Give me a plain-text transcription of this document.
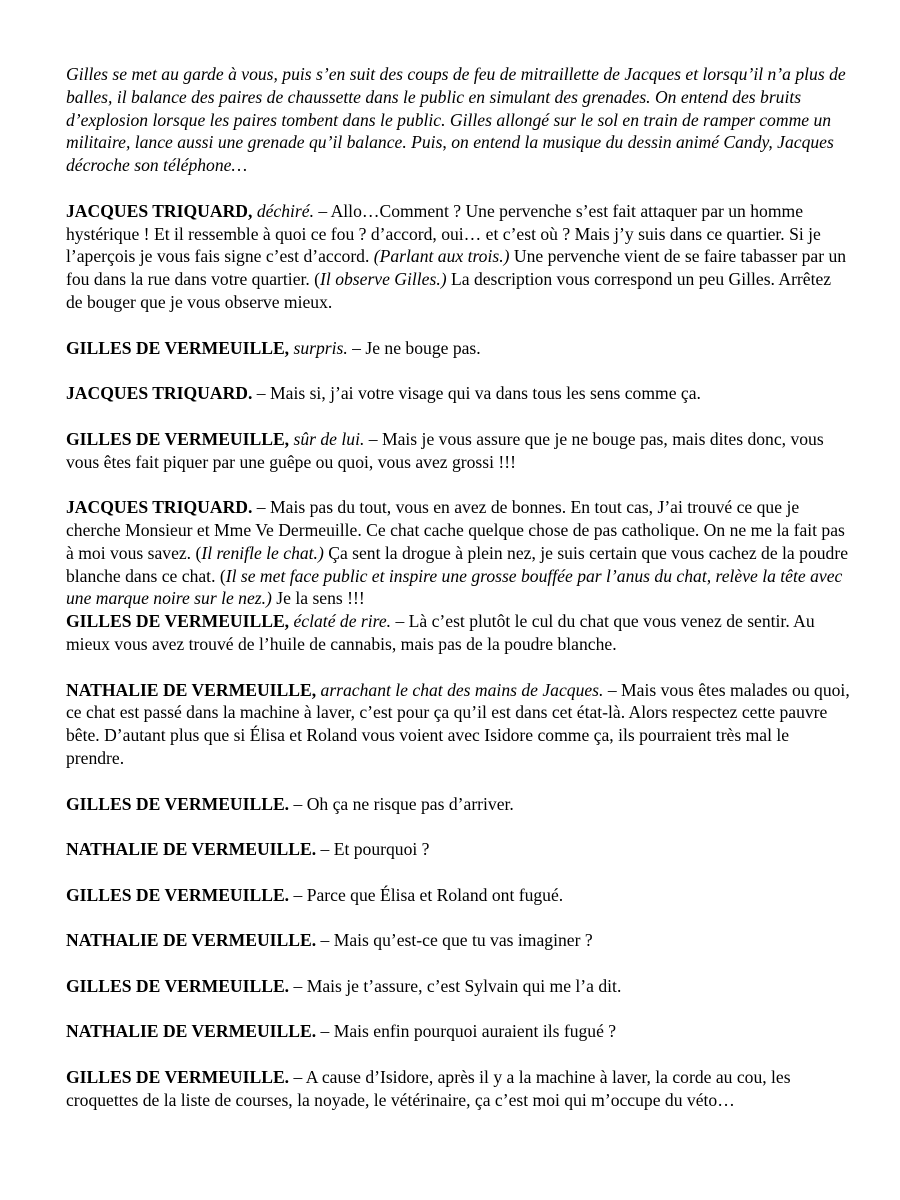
Gilles se met au garde à vous, puis s’en suit des coups de feu de mitraillette de Jacques et lorsqu’il n’a plus de balles, il balance des paires de chaussette dans le public en simulant des grenades. On entend des bruits d’explosion lorsque les paires tombent dans le public. Gilles allongé sur le sol en train de ramper comme un militaire, lance aussi une grenade qu’il balance. Puis, on entend la musique du dessin animé Candy, Jacques décroche son téléphone…

JACQUES TRIQUARD, déchiré. – Allo…Comment ? Une pervenche s’est fait attaquer par un homme hystérique ! Et il ressemble à quoi ce fou ? d’accord, oui… et c’est où ? Mais j’y suis dans ce quartier. Si je l’aperçois je vous fais signe c’est d’accord. (Parlant aux trois.) Une pervenche vient de se faire tabasser par un fou dans la rue dans votre quartier. (Il observe Gilles.) La description vous correspond un peu Gilles. Arrêtez de bouger que je vous observe mieux.

GILLES DE VERMEUILLE, surpris. – Je ne bouge pas.

JACQUES TRIQUARD. – Mais si, j’ai votre visage qui va dans tous les sens comme ça.

GILLES DE VERMEUILLE, sûr de lui. – Mais je vous assure que je ne bouge pas, mais dites donc, vous vous êtes fait piquer par une guêpe ou quoi, vous avez grossi !!!

JACQUES TRIQUARD. – Mais pas du tout, vous en avez de bonnes. En tout cas, J’ai trouvé ce que je cherche Monsieur et Mme Ve Dermeuille. Ce chat cache quelque chose de pas catholique. On ne me la fait pas à moi vous savez. (Il renifle le chat.) Ça sent la drogue à plein nez, je suis certain que vous cachez de la poudre blanche dans ce chat. (Il se met face public et inspire une grosse bouffée par l’anus du chat, relève la tête avec une marque noire sur le nez.) Je la sens !!!

GILLES DE VERMEUILLE, éclaté de rire. – Là c’est plutôt le cul du chat que vous venez de sentir. Au mieux vous avez trouvé de l’huile de cannabis, mais pas de la poudre blanche.

NATHALIE DE VERMEUILLE, arrachant le chat des mains de Jacques. – Mais vous êtes malades ou quoi, ce chat est passé dans la machine à laver, c’est pour ça qu’il est dans cet état-là. Alors respectez cette pauvre bête. D’autant plus que si Élisa et Roland vous voient avec Isidore comme ça, ils pourraient très mal le prendre.

GILLES DE VERMEUILLE. – Oh ça ne risque pas d’arriver.

NATHALIE DE VERMEUILLE. – Et pourquoi ?

GILLES DE VERMEUILLE. – Parce que Élisa et Roland ont fugué.

NATHALIE DE VERMEUILLE. – Mais qu’est-ce que tu vas imaginer ?

GILLES DE VERMEUILLE. – Mais je t’assure, c’est Sylvain qui me l’a dit.

NATHALIE DE VERMEUILLE. – Mais enfin pourquoi auraient ils fugué ?

GILLES DE VERMEUILLE. – A cause d’Isidore, après il y a la machine à laver, la corde au cou, les croquettes de la liste de courses, la noyade, le vétérinaire, ça c’est moi qui m’occupe du véto…
